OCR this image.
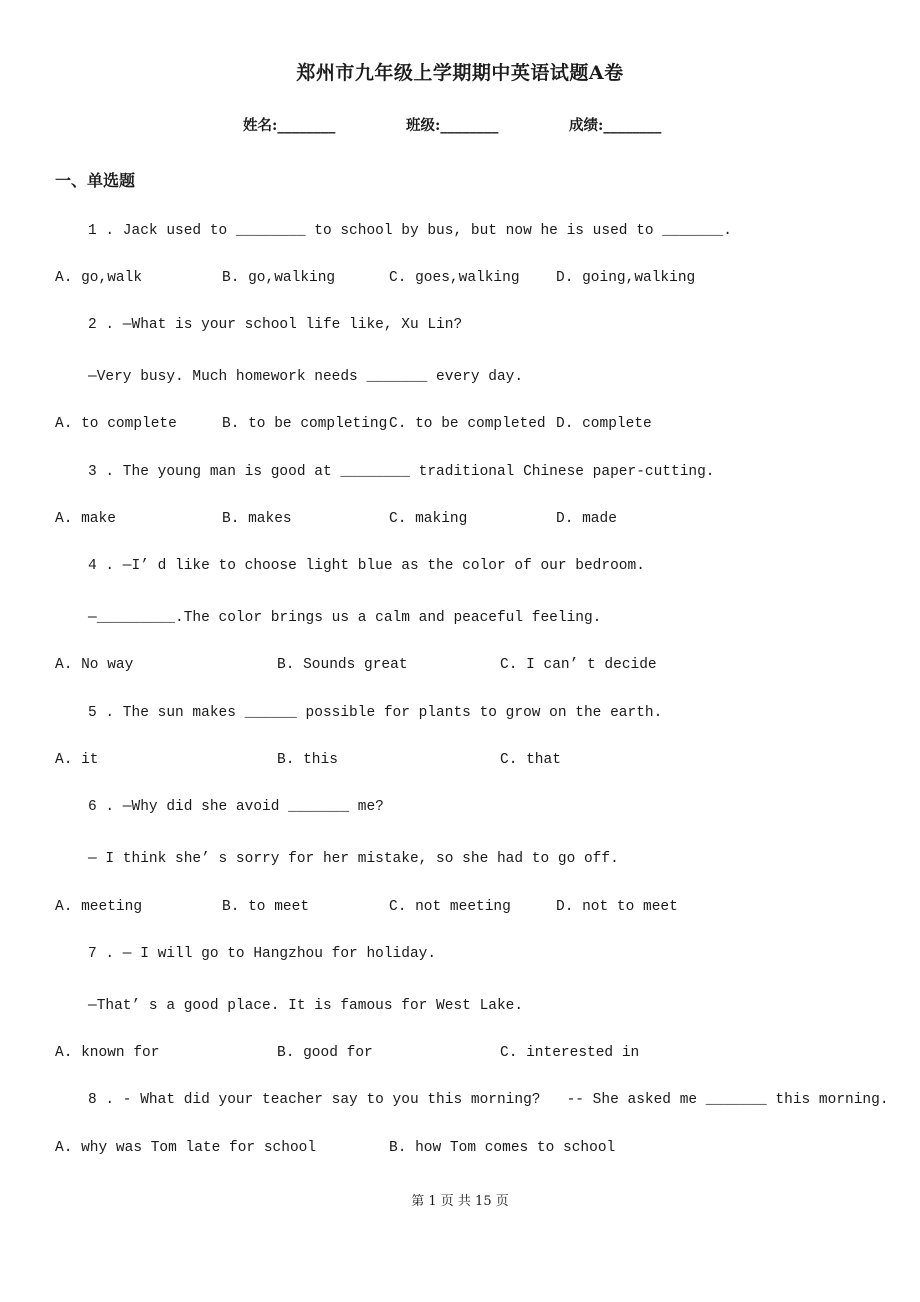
郑州市九年级上学期期中英语试题A卷
姓名:________	班级:________	成绩:________
一、单选题
1 . Jack used to ________ to school by bus, but now he is used to _______.
A. go,walk	B. go,walking	C. goes,walking	D. going,walking
2 . —What is your school life like, Xu Lin?
—Very busy. Much homework needs _______ every day.
A. to complete	B. to be completing C. to be completed D. complete
3 . The young man is good at ________ traditional Chinese paper-cutting.
A. make	B. makes	C. making	D. made
4 . —I’ d like to choose light blue as the color of our bedroom.
—_________.The color brings us a calm and peaceful feeling.
A. No way	B. Sounds great	C. I can’ t decide
5 . The sun makes ______ possible for plants to grow on the earth.
A. it	B. this	C. that
6 . —Why did she avoid _______ me?
— I think she’ s sorry for her mistake, so she had to go off.
A. meeting	B. to meet	C. not meeting	D. not to meet
7 . — I will go to Hangzhou for holiday.
—That’ s a good place. It is famous for West Lake.
A. known for	B. good for	C. interested in
8 . - What did your teacher say to you this morning?   -- She asked me _______ this morning.
A. why was Tom late for school	B. how Tom comes to school
第 1 页 共 15 页
